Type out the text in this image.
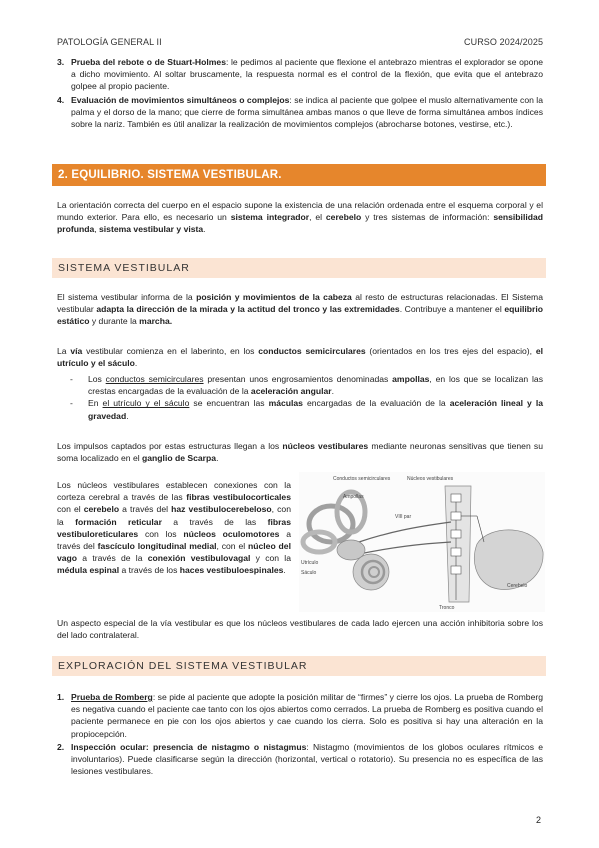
PATOLOGÍA GENERAL II	CURSO 2024/2025
3. Prueba del rebote o de Stuart-Holmes: le pedimos al paciente que flexione el antebrazo mientras el explorador se opone a dicho movimiento. Al soltar bruscamente, la respuesta normal es el control de la flexión, que evita que el antebrazo golpee al propio paciente.
4. Evaluación de movimientos simultáneos o complejos: se indica al paciente que golpee el muslo alternativamente con la palma y el dorso de la mano; que cierre de forma simultánea ambas manos o que lleve de forma simultánea ambos índices sobre la nariz. También es útil analizar la realización de movimientos complejos (abrocharse botones, vestirse, etc.).
2. EQUILIBRIO. SISTEMA VESTIBULAR.

La orientación correcta del cuerpo en el espacio supone la existencia de una relación ordenada entre el esquema corporal y el mundo exterior. Para ello, es necesario un sistema integrador, el cerebelo y tres sistemas de información: sensibilidad profunda, sistema vestibular y vista.

SISTEMA VESTIBULAR

El sistema vestibular informa de la posición y movimientos de la cabeza al resto de estructuras relacionadas. El Sistema vestibular adapta la dirección de la mirada y la actitud del tronco y las extremidades. Contribuye a mantener el equilibrio estático y durante la marcha.

La vía vestibular comienza en el laberinto, en los conductos semicirculares (orientados en los tres ejes del espacio), el utrículo y el sáculo.

- Los conductos semicirculares presentan unos engrosamientos denominadas ampollas, en los que se localizan las crestas encargadas de la evaluación de la aceleración angular.
- En el utrículo y el sáculo se encuentran las máculas encargadas de la evaluación de la aceleración lineal y la gravedad.

Los impulsos captados por estas estructuras llegan a los núcleos vestibulares mediante neuronas sensitivas que tienen su soma localizado en el ganglio de Scarpa.

Los núcleos vestibulares establecen conexiones con la corteza cerebral a través de las fibras vestibulocorticales con el cerebelo a través del haz vestibulocerebeloso, con la formación reticular a través de las fibras vestibuloreticulares con los núcleos oculomotores a través del fascículo longitudinal medial, con el núcleo del vago a través de la conexión vestibulovagal y con la médula espinal a través de los haces vestibuloespinales.

Conductos semicirculares
Ampollas
Núcleos vestibulares
VIII par
Utrículo
Sáculo
Cerebelo
Tronco

Un aspecto especial de la vía vestibular es que los núcleos vestibulares de cada lado ejercen una acción inhibitoria sobre los del lado contralateral.

EXPLORACIÓN DEL SISTEMA VESTIBULAR
1. Prueba de Romberg: se pide al paciente que adopte la posición militar de “firmes” y cierre los ojos. La prueba de Romberg es negativa cuando el paciente cae tanto con los ojos abiertos como cerrados. La prueba de Romberg es positiva cuando el paciente permanece en pie con los ojos abiertos y cae cuando los cierra. Solo es positiva si hay una alteración en la propiocepción.
2. Inspección ocular: presencia de nistagmo o nistagmus: Nistagmo (movimientos de los globos oculares rítmicos e involuntarios). Puede clasificarse según la dirección (horizontal, vertical o rotatorio). Su presencia no es específica de las lesiones vestibulares.
2
